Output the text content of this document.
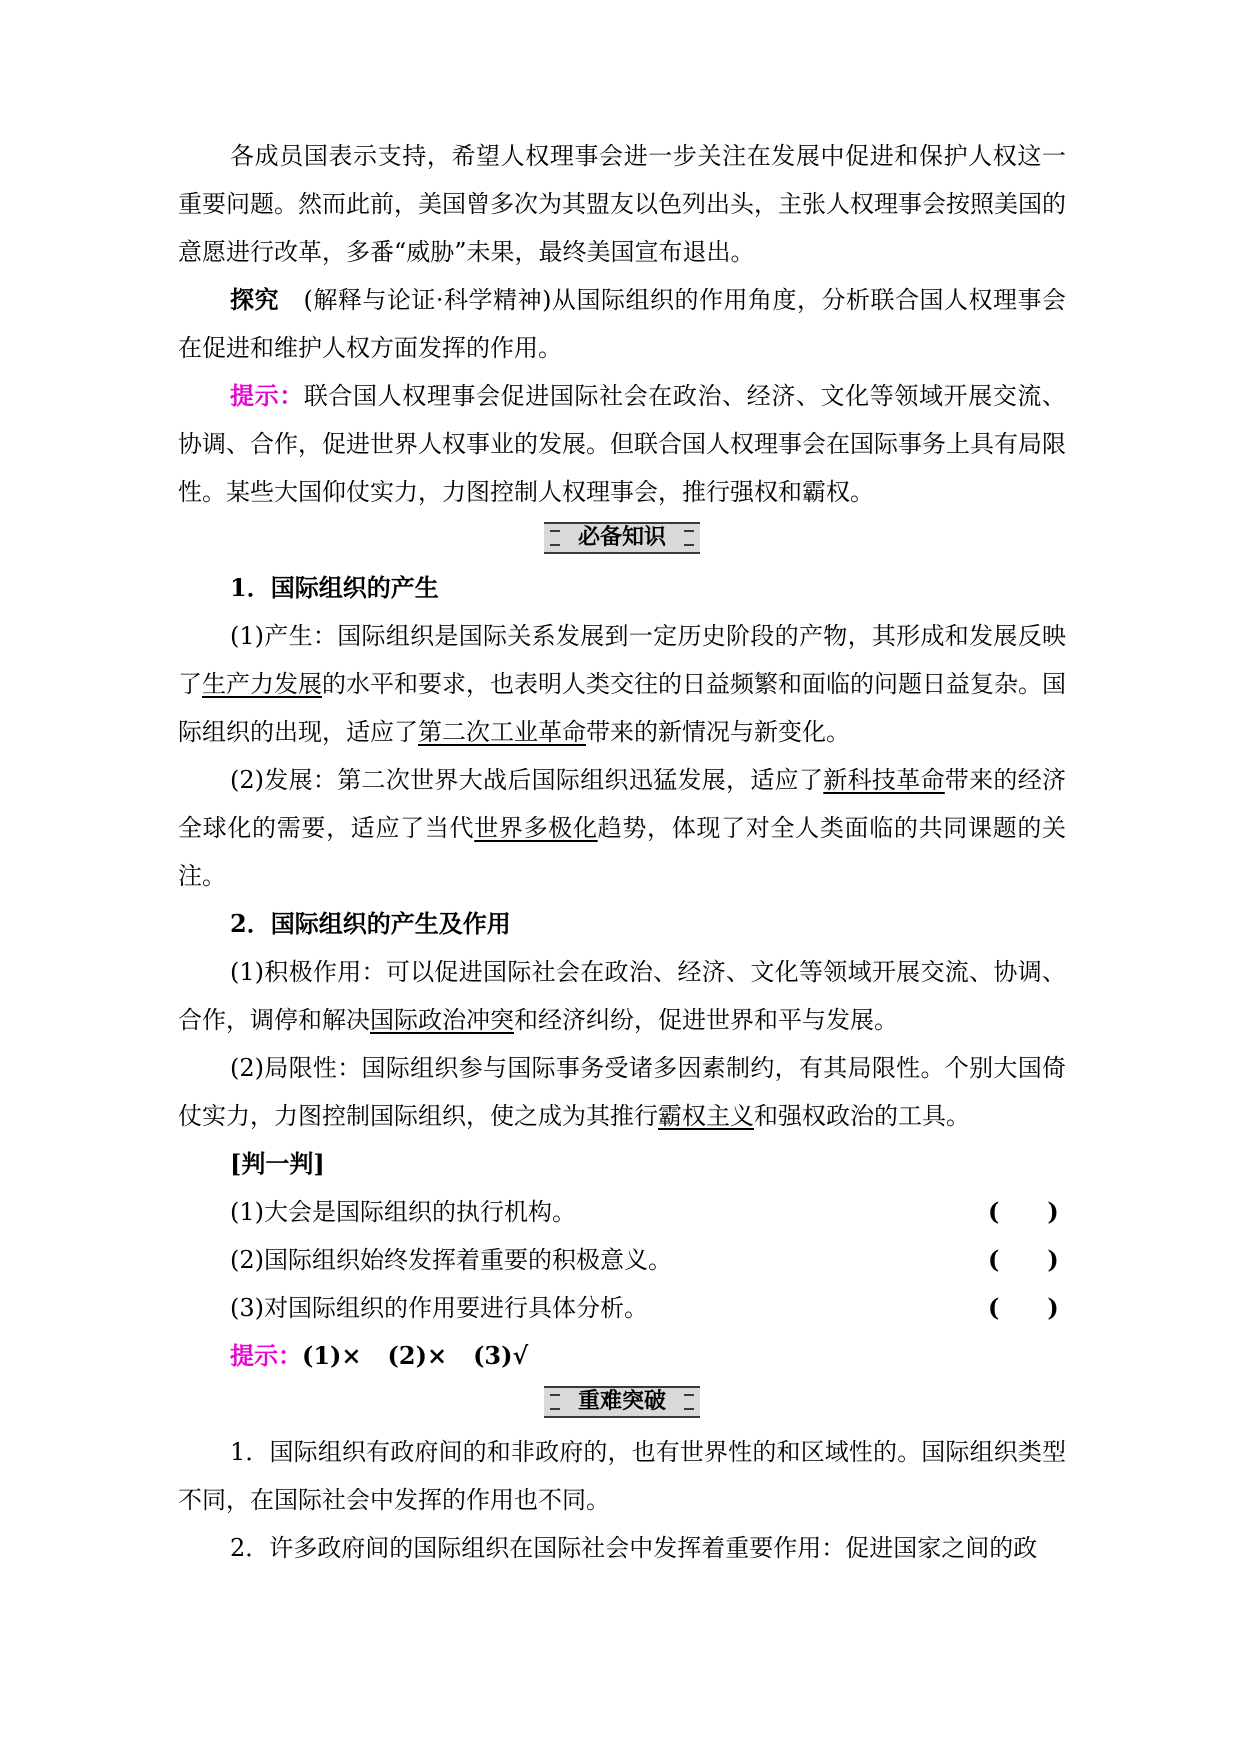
各成员国表示支持，希望人权理事会进一步关注在发展中促进和保护人权这一重要问题。然而此前，美国曾多次为其盟友以色列出头，主张人权理事会按照美国的意愿进行改革，多番“威胁”未果，最终美国宣布退出。

探究　 (解释与论证·科学精神)从国际组织的作用角度，分析联合国人权理事会在促进和维护人权方面发挥的作用。

提示：联合国人权理事会促进国际社会在政治、经济、文化等领域开展交流、协调、合作，促进世界人权事业的发展。但联合国人权理事会在国际事务上具有局限性。某些大国仰仗实力，力图控制人权理事会，推行强权和霸权。

必备知识

1．国际组织的产生

(1)产生：国际组织是国际关系发展到一定历史阶段的产物，其形成和发展反映了生产力发展的水平和要求，也表明人类交往的日益频繁和面临的问题日益复杂。国际组织的出现，适应了第二次工业革命带来的新情况与新变化。

(2)发展：第二次世界大战后国际组织迅猛发展，适应了新科技革命带来的经济全球化的需要，适应了当代世界多极化趋势，体现了对全人类面临的共同课题的关注。

2．国际组织的产生及作用

(1)积极作用：可以促进国际社会在政治、经济、文化等领域开展交流、协调、合作，调停和解决国际政治冲突和经济纠纷，促进世界和平与发展。

(2)局限性：国际组织参与国际事务受诸多因素制约，有其局限性。个别大国倚仗实力，力图控制国际组织，使之成为其推行霸权主义和强权政治的工具。

[判一判]

(1)大会是国际组织的执行机构。	(　　)
(2)国际组织始终发挥着重要的积极意义。	(　　)
(3)对国际组织的作用要进行具体分析。	(　　)
提示：(1)× (2)× (3)√
重难突破

1．国际组织有政府间的和非政府的，也有世界性的和区域性的。国际组织类型不同，在国际社会中发挥的作用也不同。

2．许多政府间的国际组织在国际社会中发挥着重要作用：促进国家之间的政
